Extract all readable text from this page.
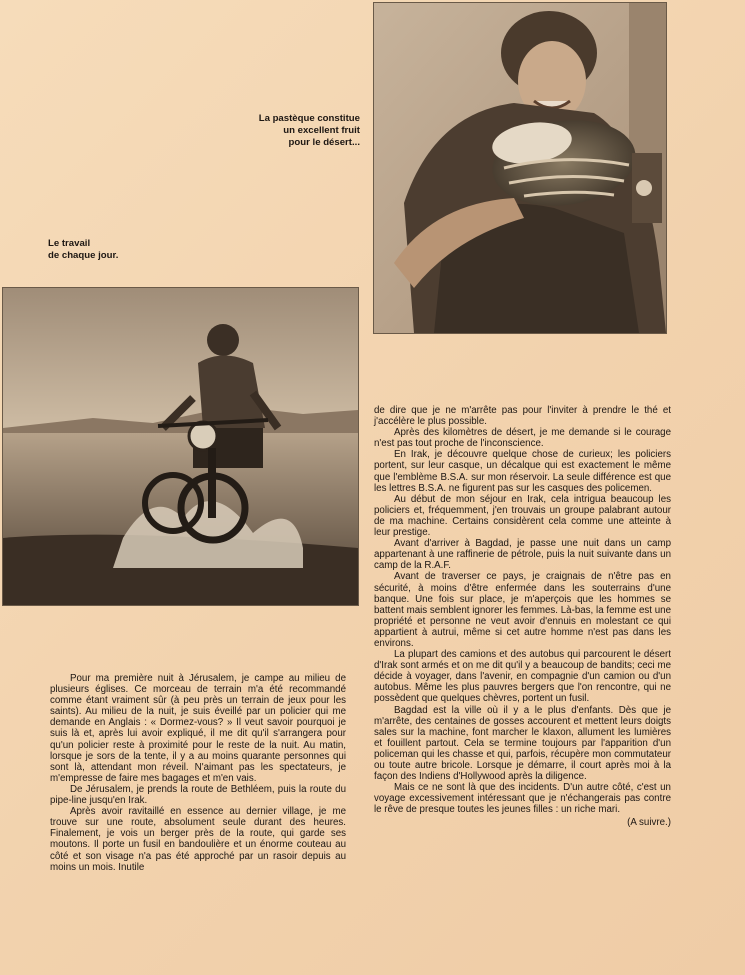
La pastèque constitue
un excellent fruit
pour le désert...
Le travail
de chaque jour.

Pour ma première nuit à Jérusalem, je campe au milieu de plusieurs églises. Ce morceau de terrain m'a été recommandé comme étant vraiment sûr (à peu près un terrain de jeux pour les saints). Au milieu de la nuit, je suis éveillé par un policier qui me demande en Anglais : « Dormez-vous? » Il veut savoir pourquoi je suis là et, après lui avoir expliqué, il me dit qu'il s'arrangera pour qu'un policier reste à proximité pour le reste de la nuit. Au matin, lorsque je sors de la tente, il y a au moins quarante personnes qui sont là, attendant mon réveil. N'aimant pas les spectateurs, je m'empresse de faire mes bagages et m'en vais.

De Jérusalem, je prends la route de Bethléem, puis la route du pipe-line jusqu'en Irak.

Après avoir ravitaillé en essence au dernier village, je me trouve sur une route, absolument seule durant des heures. Finalement, je vois un berger près de la route, qui garde ses moutons. Il porte un fusil en bandoulière et un énorme couteau au côté et son visage n'a pas été approché par un rasoir depuis au moins un mois. Inutile

de dire que je ne m'arrête pas pour l'inviter à prendre le thé et j'accélère le plus possible.

Après des kilomètres de désert, je me demande si le courage n'est pas tout proche de l'inconscience.

En Irak, je découvre quelque chose de curieux; les policiers portent, sur leur casque, un décalque qui est exactement le même que l'emblème B.S.A. sur mon réservoir. La seule différence est que les lettres B.S.A. ne figurent pas sur les casques des policemen.

Au début de mon séjour en Irak, cela intrigua beaucoup les policiers et, fréquemment, j'en trouvais un groupe palabrant autour de ma machine. Certains considèrent cela comme une atteinte à leur prestige.

Avant d'arriver à Bagdad, je passe une nuit dans un camp appartenant à une raffinerie de pétrole, puis la nuit suivante dans un camp de la R.A.F.

Avant de traverser ce pays, je craignais de n'être pas en sécurité, à moins d'être enfermée dans les souterrains d'une banque. Une fois sur place, je m'aperçois que les hommes se battent mais semblent ignorer les femmes. Là-bas, la femme est une propriété et personne ne veut avoir d'ennuis en molestant ce qui appartient à autrui, même si cet autre homme n'est pas dans les environs.

La plupart des camions et des autobus qui parcourent le désert d'Irak sont armés et on me dit qu'il y a beaucoup de bandits; ceci me décide à voyager, dans l'avenir, en compagnie d'un camion ou d'un autobus. Même les plus pauvres bergers que l'on rencontre, qui ne possèdent que quelques chèvres, portent un fusil.

Bagdad est la ville où il y a le plus d'enfants. Dès que je m'arrête, des centaines de gosses accourent et mettent leurs doigts sales sur la machine, font marcher le klaxon, allument les lumières et fouillent partout. Cela se termine toujours par l'apparition d'un policeman qui les chasse et qui, parfois, récupère mon commutateur ou toute autre bricole. Lorsque je démarre, il court après moi à la façon des Indiens d'Hollywood après la diligence.

Mais ce ne sont là que des incidents. D'un autre côté, c'est un voyage excessivement intéressant que je n'échangerais pas contre le rêve de presque toutes les jeunes filles : un riche mari.

(A suivre.)
